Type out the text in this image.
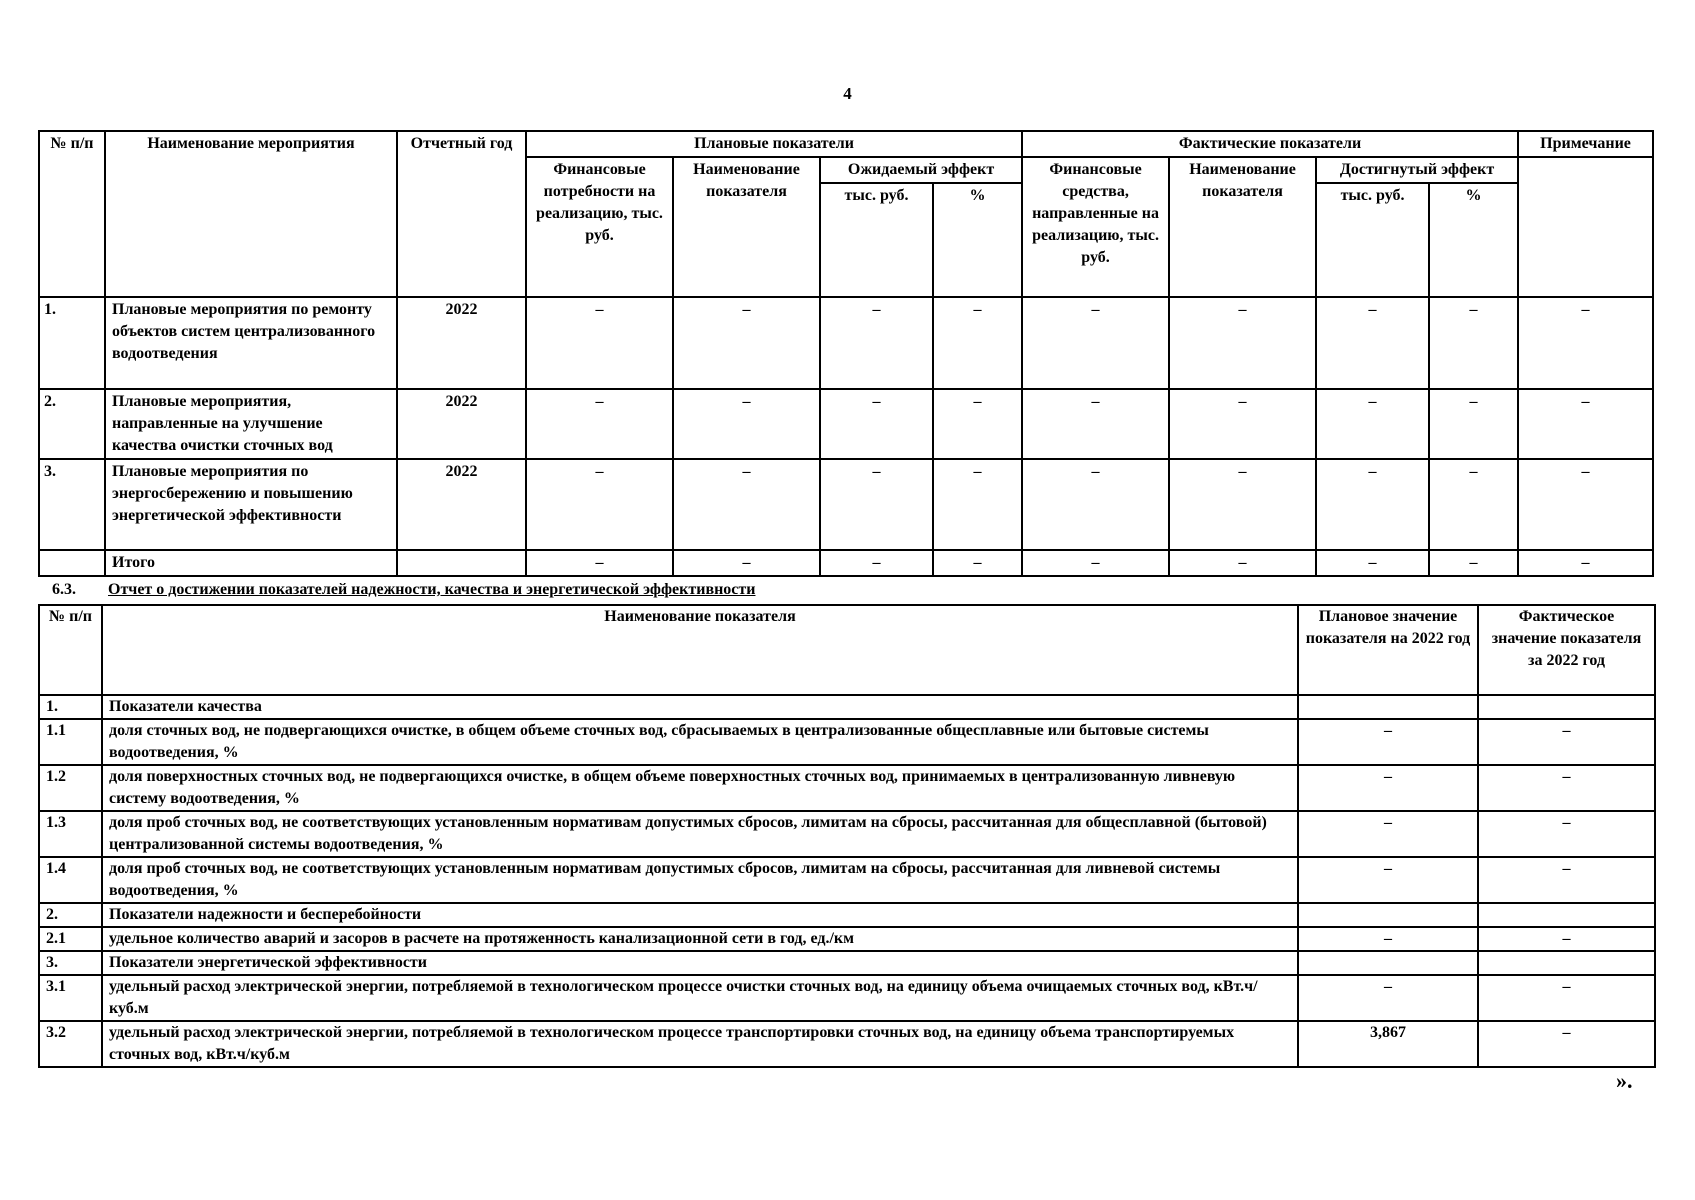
4
№ п/п	Наименование мероприятия	Отчетный год	Плановые показатели				Фактические показатели				Примечание
			Финансовые потребности на реализацию, тыс. руб.	Наименование показателя	Ожидаемый эффект		Финансовые средства, направленные на реализацию, тыс. руб.	Наименование показателя	Достигнутый эффект		
					тыс. руб.	%			тыс. руб.	%	
1.	Плановые мероприятия по ремонту объектов систем централизованного водоотведения	2022	–	–	–	–	–	–	–	–	–
2.	Плановые мероприятия, направленные на улучшение качества очистки сточных вод	2022	–	–	–	–	–	–	–	–	–
3.	Плановые мероприятия по энергосбережению и повышению энергетической эффективности	2022	–	–	–	–	–	–	–	–	–
	Итого		–	–	–	–	–	–	–	–	–
6.3. Отчет о достижении показателей надежности, качества и энергетической эффективности
№ п/п	Наименование показателя	Плановое значение показателя на 2022 год	Фактическое значение показателя за 2022 год
1.	Показатели качества		
1.1	доля сточных вод, не подвергающихся очистке, в общем объеме сточных вод, сбрасываемых в централизованные общесплавные или бытовые системы водоотведения, %	–	–
1.2	доля поверхностных сточных вод, не подвергающихся очистке, в общем объеме поверхностных сточных вод, принимаемых в централизованную ливневую систему водоотведения, %	–	–
1.3	доля проб сточных вод, не соответствующих установленным нормативам допустимых сбросов, лимитам на сбросы, рассчитанная для общесплавной (бытовой) централизованной системы водоотведения, %	–	–
1.4	доля проб сточных вод, не соответствующих установленным нормативам допустимых сбросов, лимитам на сбросы, рассчитанная для ливневой системы водоотведения, %	–	–
2.	Показатели надежности и бесперебойности		
2.1	удельное количество аварий и засоров в расчете на протяженность канализационной сети в год, ед./км	–	–
3.	Показатели энергетической эффективности		
3.1	удельный расход электрической энергии, потребляемой в технологическом процессе очистки сточных вод, на единицу объема очищаемых сточных вод, кВт.ч/куб.м	–	–
3.2	удельный расход электрической энергии, потребляемой в технологическом процессе транспортировки сточных вод, на единицу объема транспортируемых сточных вод, кВт.ч/куб.м	3,867	–
».
